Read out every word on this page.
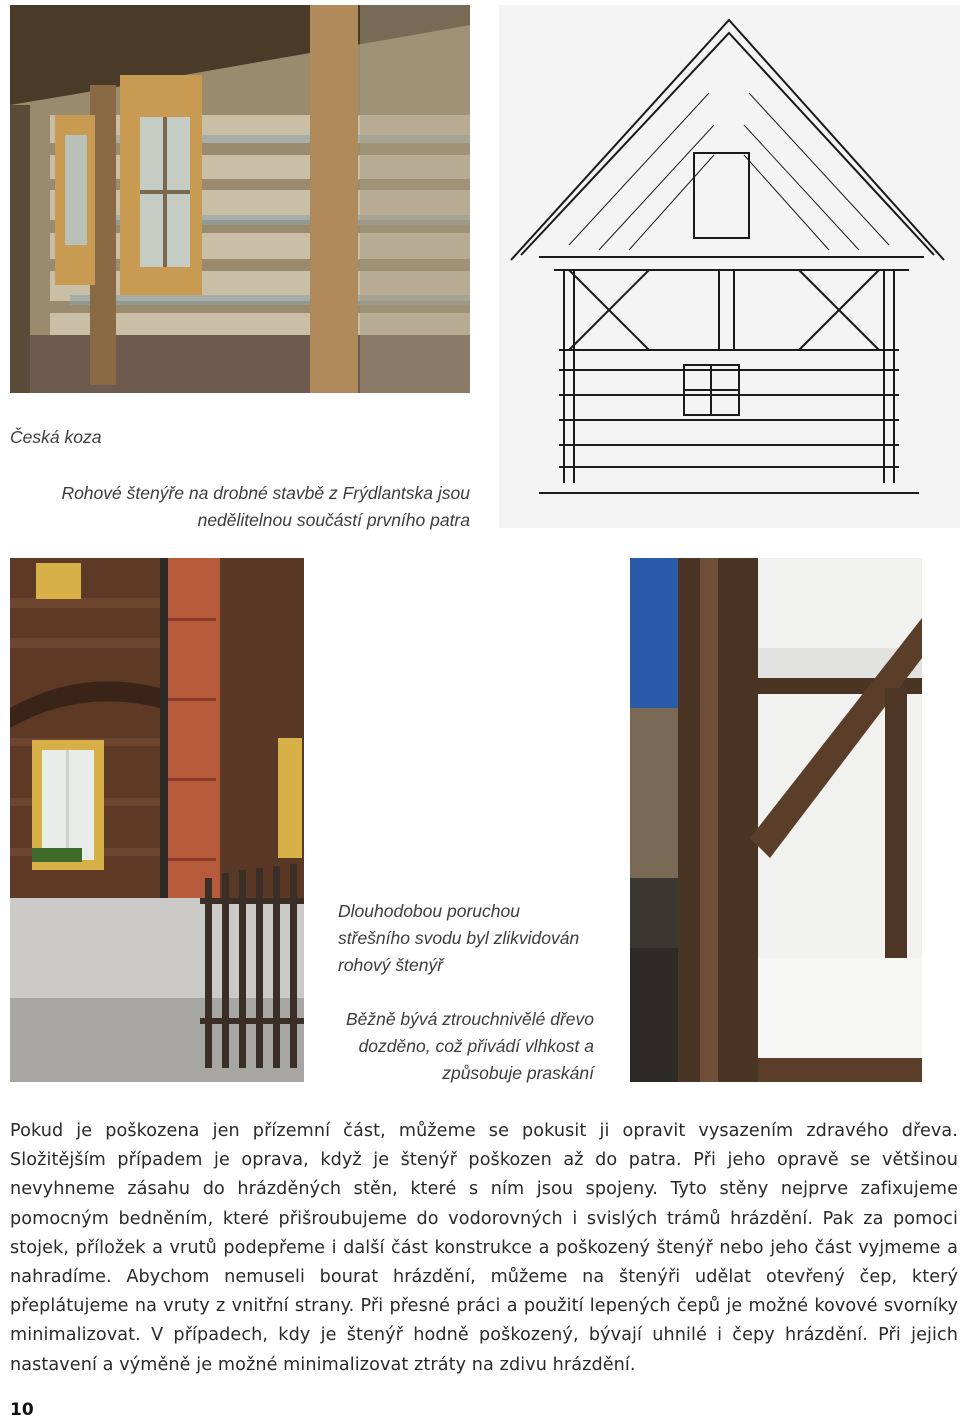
Česká koza
Rohové štenýře na drobné stavbě z Frýdlantska jsou
nedělitelnou součástí prvního patra
Dlouhodobou poruchou
střešního svodu byl zlikvidován
rohový štenýř
Běžně bývá ztrouchnivělé dřevo
dozděno, což přivádí vlhkost a
způsobuje praskání
Pokud je poškozena jen přízemní část, můžeme se pokusit ji opravit vysazením zdravého dřeva. Složitějším případem je oprava, když je štenýř poškozen až do patra. Při jeho opravě se většinou nevyhneme zásahu do hrázděných stěn, které s ním jsou spojeny. Tyto stěny nejprve zafixujeme pomocným bedněním, které přišroubujeme do vodorovných i svislých trámů hrázdění. Pak za pomoci stojek, příložek a vrutů podepřeme i další část konstrukce a poškozený štenýř nebo jeho část vyjmeme a nahradíme. Abychom nemuseli bourat hrázdění, můžeme na štenýři udělat otevřený čep, který přeplátujeme na vruty z vnitřní strany. Při přesné práci a použití lepených čepů je možné kovové svorníky minimalizovat. V případech, kdy je štenýř hodně poškozený, bývají uhnilé i čepy hrázdění. Při jejich nastavení a výměně je možné minimalizovat ztráty na zdivu hrázdění.
10
